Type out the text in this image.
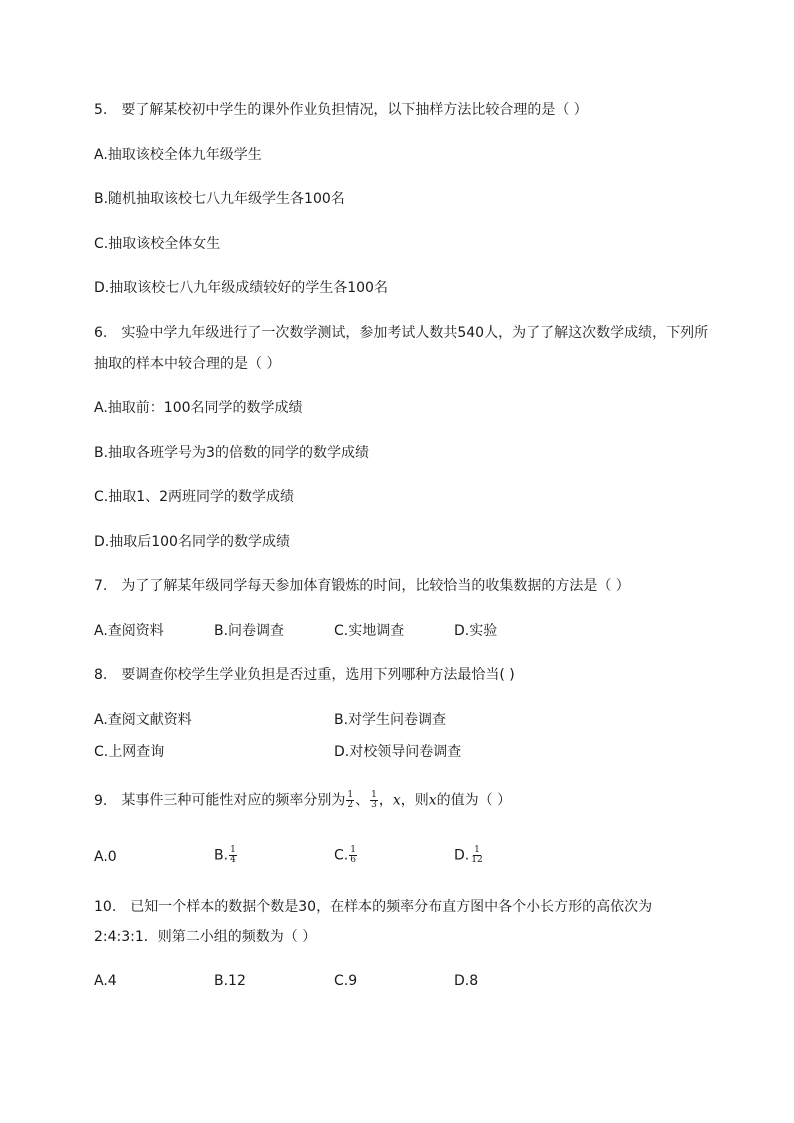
5. 要了解某校初中学生的课外作业负担情况，以下抽样方法比较合理的是（ ）
A.抽取该校全体九年级学生
B.随机抽取该校七八九年级学生各100名
C.抽取该校全体女生
D.抽取该校七八九年级成绩较好的学生各100名
6. 实验中学九年级进行了一次数学测试，参加考试人数共540人，为了了解这次数学成绩，下列所
抽取的样本中较合理的是（ ）
A.抽取前：100名同学的数学成绩
B.抽取各班学号为3的倍数的同学的数学成绩
C.抽取1、2两班同学的数学成绩
D.抽取后100名同学的数学成绩
7. 为了了解某年级同学每天参加体育锻炼的时间，比较恰当的收集数据的方法是（ ）
A.查阅资料	B.问卷调查	C.实地调查	D.实验
8. 要调查你校学生学业负担是否过重，选用下列哪种方法最恰当( )
A.查阅文献资料	B.对学生问卷调查
C.上网查询	D.对校领导问卷调查
9. 某事件三种可能性对应的频率分别为 $\frac{1}{2}$ 、 $\frac{1}{3}$ ，x，则x的值为（ ）
A.0	B. $\frac{1}{4}$	C. $\frac{1}{6}$	D. $\frac{1}{12}$
10. 已知一个样本的数据个数是30，在样本的频率分布直方图中各个小长方形的高依次为
2:4:3:1．则第二小组的频数为（ ）
A.4	B.12	C.9	D.8
